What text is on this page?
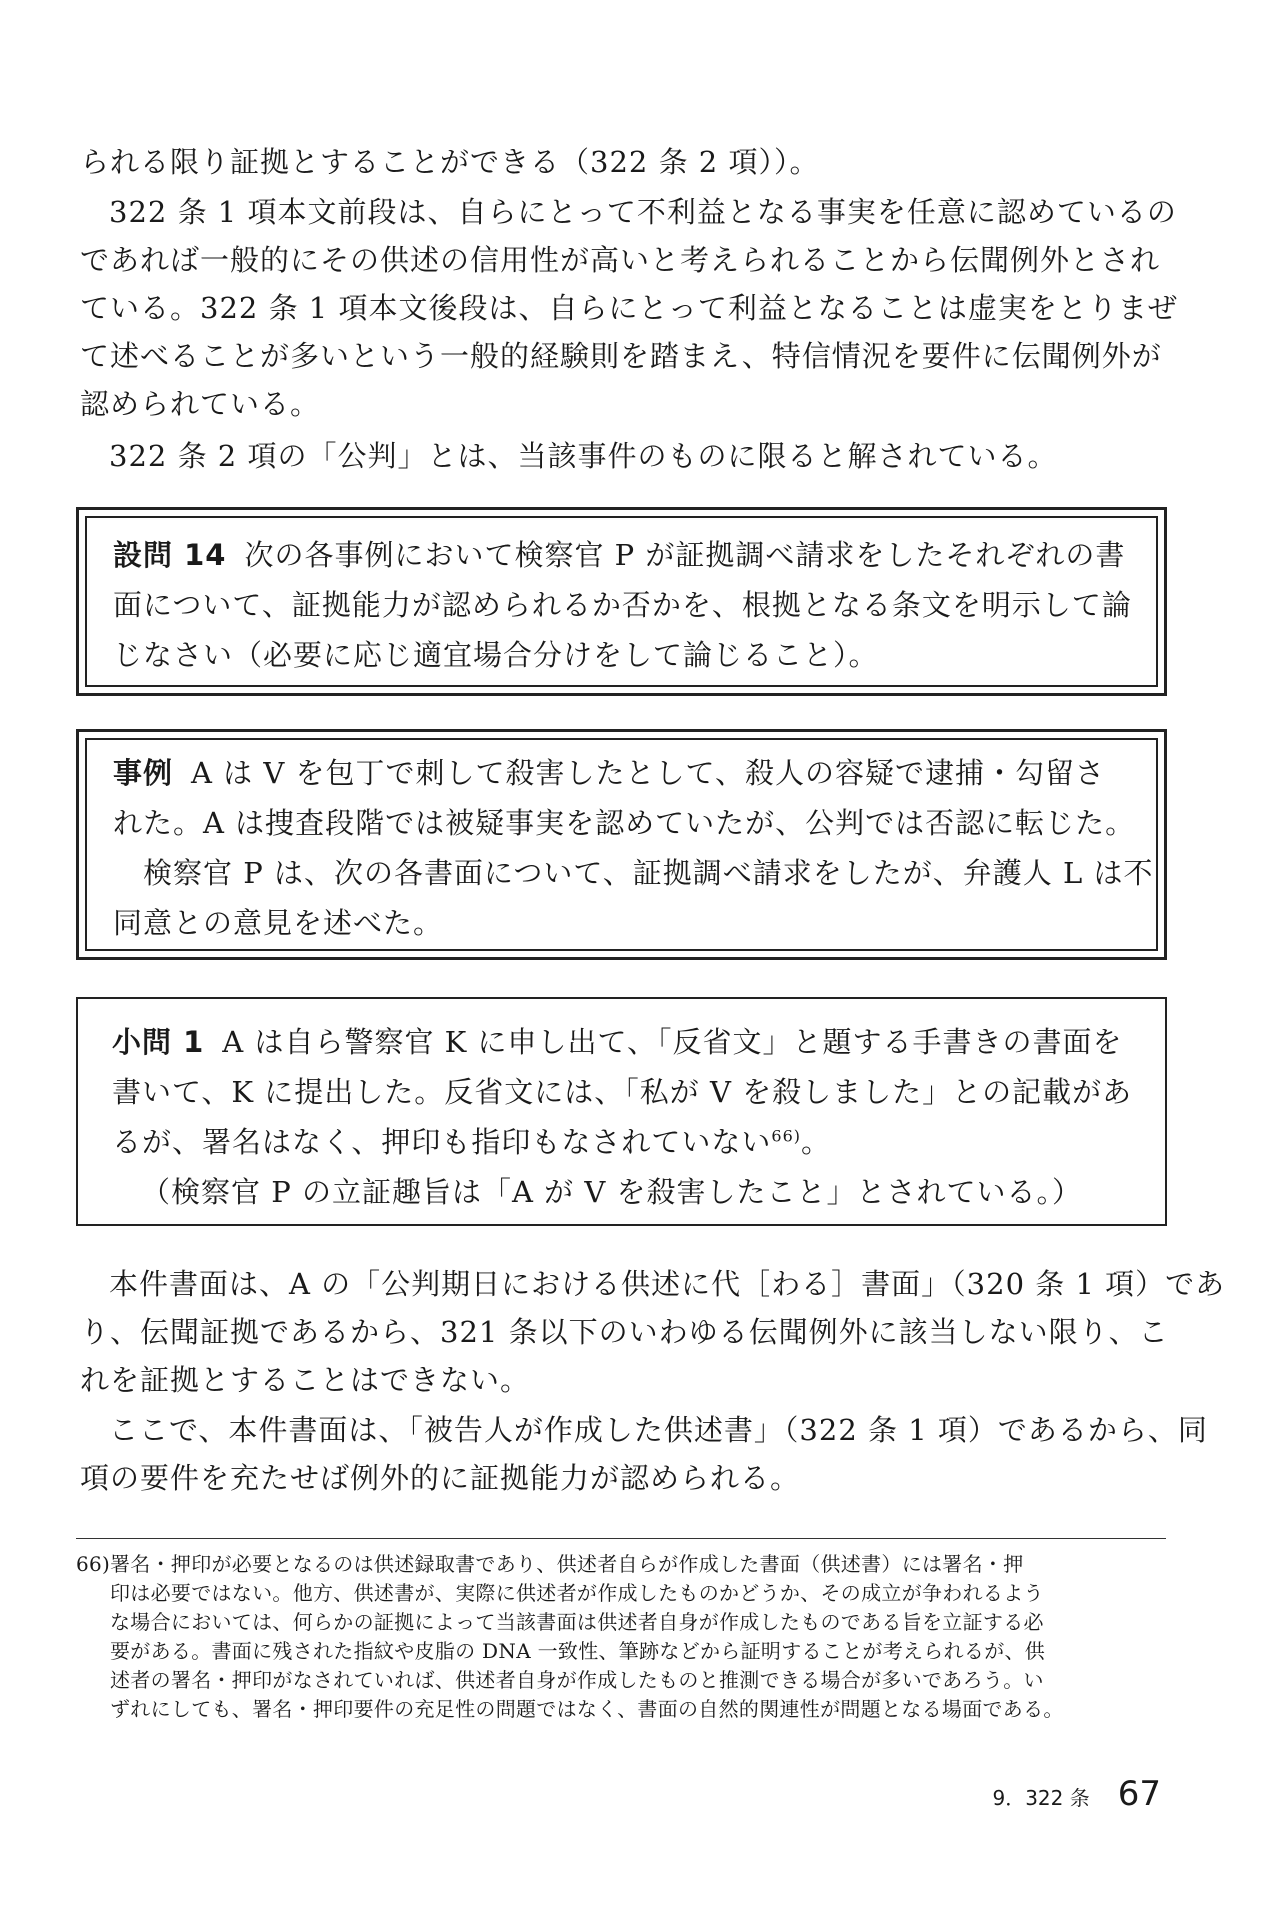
られる限り証拠とすることができる（322 条 2 項））。
322 条 1 項本文前段は、自らにとって不利益となる事実を任意に認めているの
であれば一般的にその供述の信用性が高いと考えられることから伝聞例外とされ
ている。322 条 1 項本文後段は、自らにとって利益となることは虚実をとりまぜ
て述べることが多いという一般的経験則を踏まえ、特信情況を要件に伝聞例外が
認められている。
322 条 2 項の「公判」とは、当該事件のものに限ると解されている。
設問 14 次の各事例において検察官 P が証拠調べ請求をしたそれぞれの書
面について、証拠能力が認められるか否かを、根拠となる条文を明示して論
じなさい（必要に応じ適宜場合分けをして論じること）。
事例 A は V を包丁で刺して殺害したとして、殺人の容疑で逮捕・勾留さ
れた。A は捜査段階では被疑事実を認めていたが、公判では否認に転じた。
　検察官 P は、次の各書面について、証拠調べ請求をしたが、弁護人 L は不
同意との意見を述べた。
小問 1 A は自ら警察官 K に申し出て、「反省文」と題する手書きの書面を
書いて、K に提出した。反省文には、「私が V を殺しました」との記載があ
るが、署名はなく、押印も指印もなされていない$^{66)}$。
（検察官 P の立証趣旨は「A が V を殺害したこと」とされている。）
本件書面は、A の「公判期日における供述に代［わる］書面」（320 条 1 項）であ
り、伝聞証拠であるから、321 条以下のいわゆる伝聞例外に該当しない限り、こ
れを証拠とすることはできない。
ここで、本件書面は、「被告人が作成した供述書」（322 条 1 項）であるから、同
項の要件を充たせば例外的に証拠能力が認められる。
66) 署名・押印が必要となるのは供述録取書であり、供述者自らが作成した書面（供述書）には署名・押
印は必要ではない。他方、供述書が、実際に供述者が作成したものかどうか、その成立が争われるよう
な場合においては、何らかの証拠によって当該書面は供述者自身が作成したものである旨を立証する必
要がある。書面に残された指紋や皮脂の DNA 一致性、筆跡などから証明することが考えられるが、供
述者の署名・押印がなされていれば、供述者自身が作成したものと推測できる場合が多いであろう。い
ずれにしても、署名・押印要件の充足性の問題ではなく、書面の自然的関連性が問題となる場面である。
9．322 条 67
